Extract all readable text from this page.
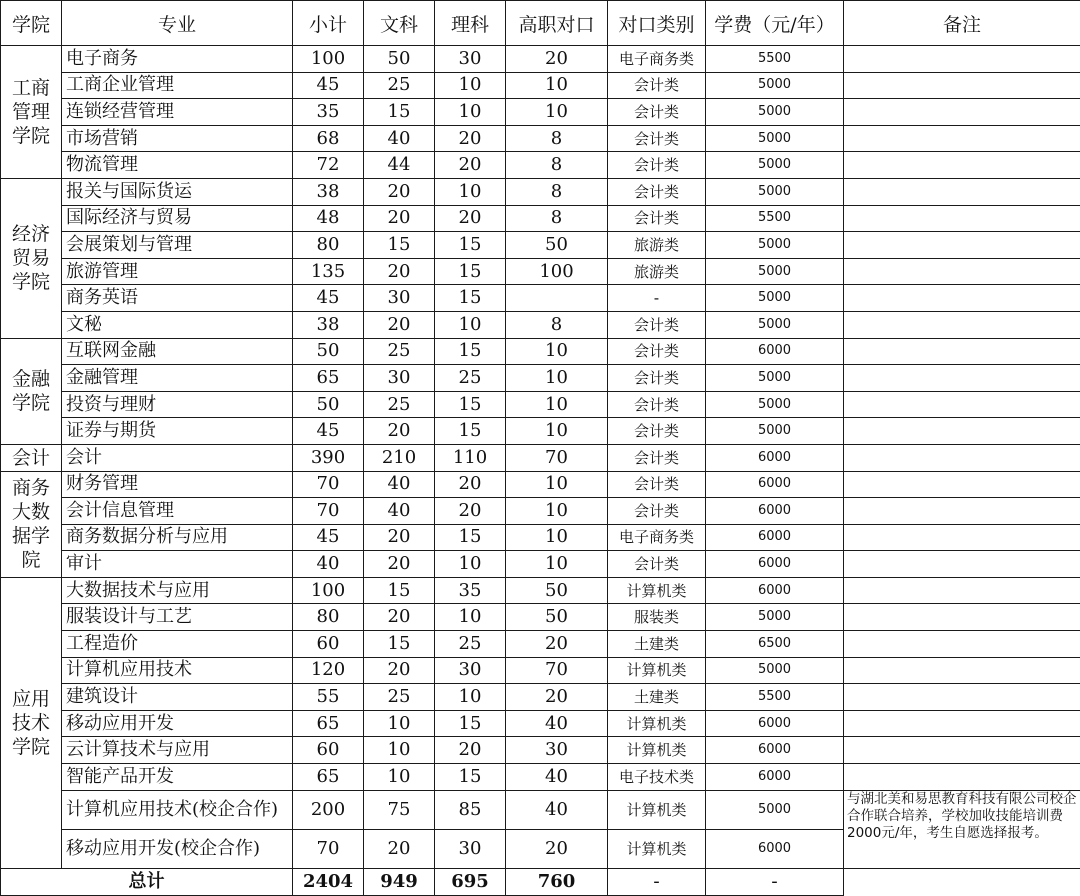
学院	专业	小计	文科	理科	高职对口	对口类别	学费（元/年）	备注
工商管理学院	电子商务	100	50	30	20	电子商务类	5500	
	工商企业管理	45	25	10	10	会计类	5000	
	连锁经营管理	35	15	10	10	会计类	5000	
	市场营销	68	40	20	8	会计类	5000	
	物流管理	72	44	20	8	会计类	5000	
经济贸易学院	报关与国际货运	38	20	10	8	会计类	5000	
	国际经济与贸易	48	20	20	8	会计类	5500	
	会展策划与管理	80	15	15	50	旅游类	5000	
	旅游管理	135	20	15	100	旅游类	5000	
	商务英语	45	30	15		-	5000	
	文秘	38	20	10	8	会计类	5000	
金融学院	互联网金融	50	25	15	10	会计类	6000	
	金融管理	65	30	25	10	会计类	5000	
	投资与理财	50	25	15	10	会计类	5000	
	证券与期货	45	20	15	10	会计类	5000	
会计	会计	390	210	110	70	会计类	6000	
商务大数据学院	财务管理	70	40	20	10	会计类	6000	
	会计信息管理	70	40	20	10	会计类	6000	
	商务数据分析与应用	45	20	15	10	电子商务类	6000	
	审计	40	20	10	10	会计类	6000	
应用技术学院	大数据技术与应用	100	15	35	50	计算机类	6000	
	服装设计与工艺	80	20	10	50	服装类	5000	
	工程造价	60	15	25	20	土建类	6500	
	计算机应用技术	120	20	30	70	计算机类	5000	
	建筑设计	55	25	10	20	土建类	5500	
	移动应用开发	65	10	15	40	计算机类	6000	
	云计算技术与应用	60	10	20	30	计算机类	6000	
	智能产品开发	65	10	15	40	电子技术类	6000	
	计算机应用技术(校企合作)	200	75	85	40	计算机类	5000	与湖北美和易思教育科技有限公司校企合作联合培养，学校加收技能培训费2000元/年，考生自愿选择报考。
	移动应用开发(校企合作)	70	20	30	20	计算机类	6000	
总计		2404	949	695	760	-	-	
